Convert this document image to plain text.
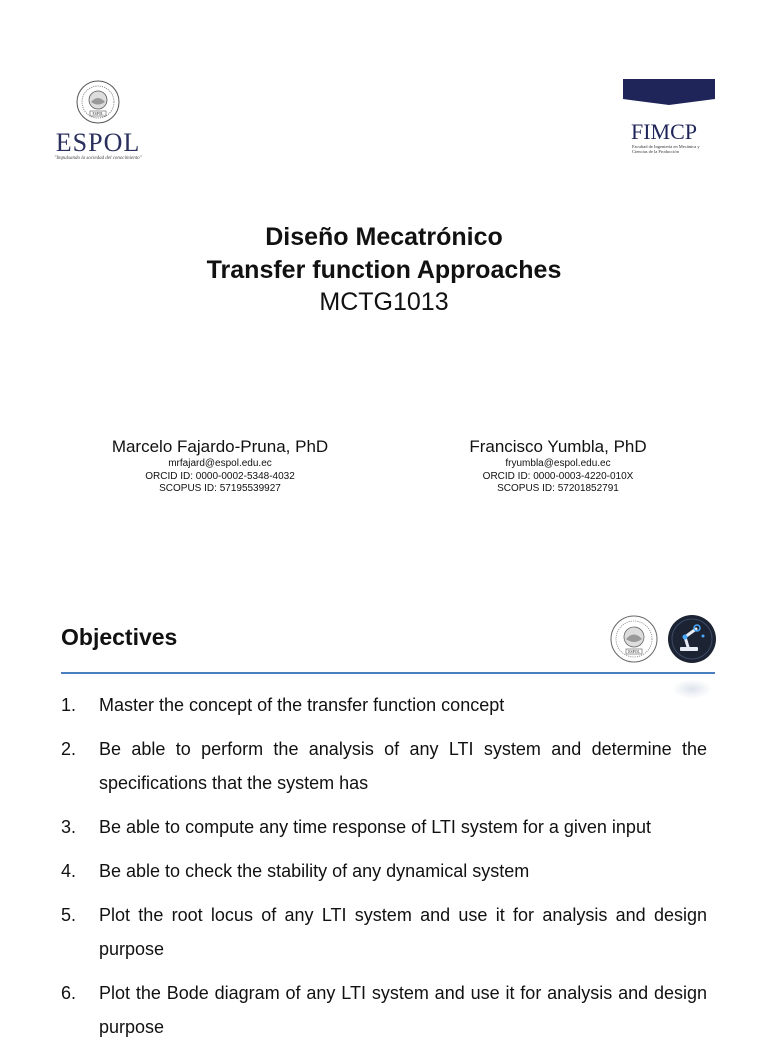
ESPOL
ESPOL
"Impulsando la sociedad del conocimiento"
FIMCP
Facultad de Ingeniería en Mecánica y Ciencias de la Producción
Diseño Mecatrónico
Transfer function Approaches
MCTG1013
Marcelo Fajardo-Pruna, PhD
mrfajard@espol.edu.ec
ORCID ID: 0000-0002-5348-4032
SCOPUS ID: 57195539927
Francisco Yumbla, PhD
fryumbla@espol.edu.ec
ORCID ID: 0000-0003-4220-010X
SCOPUS ID: 57201852791
Objectives
ESPOL
1. Master the concept of the transfer function concept
2. Be able to perform the analysis of any LTI system and determine the specifications that the system has
3. Be able to compute any time response of LTI system for a given input
4. Be able to check the stability of any dynamical system
5. Plot the root locus of any LTI system and use it for analysis and design purpose
6. Plot the Bode diagram of any LTI system and use it for analysis and design purpose
